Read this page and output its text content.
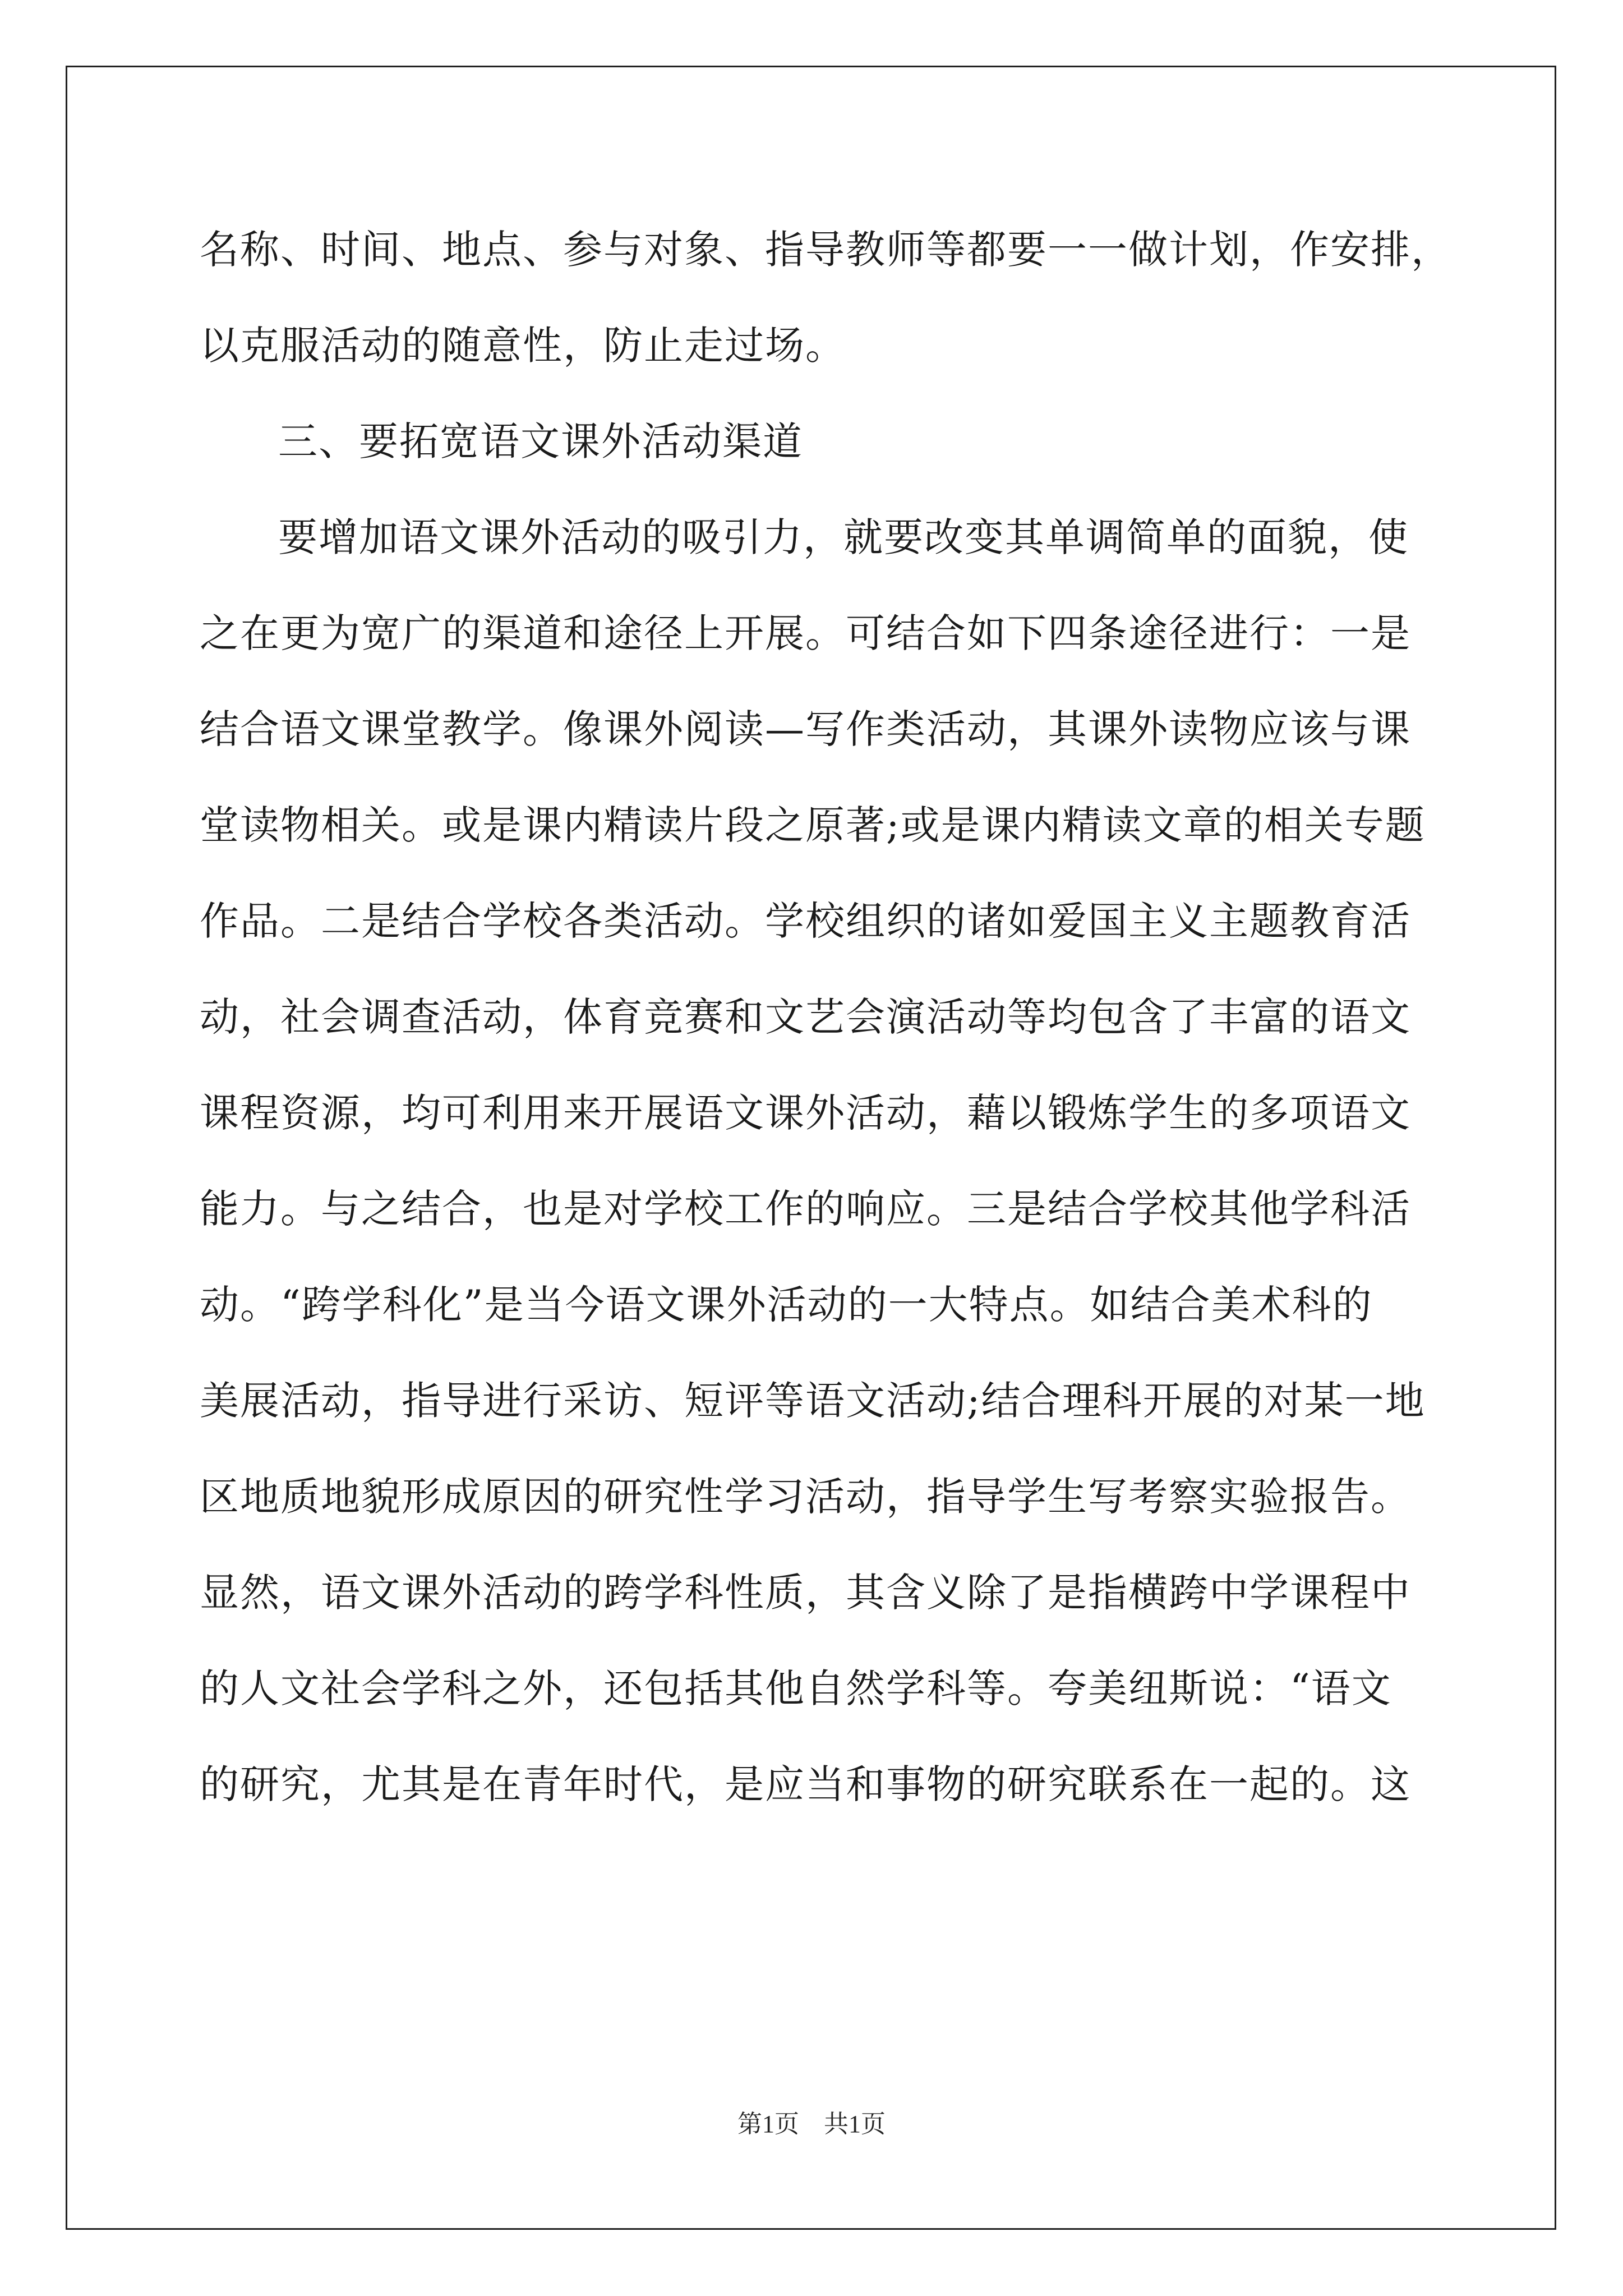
名称、时间、地点、参与对象、指导教师等都要一一做计划，作安排，
以克服活动的随意性，防止走过场。
三、要拓宽语文课外活动渠道
要增加语文课外活动的吸引力，就要改变其单调简单的面貌，使
之在更为宽广的渠道和途径上开展。可结合如下四条途径进行：一是
结合语文课堂教学。像课外阅读—写作类活动，其课外读物应该与课
堂读物相关。或是课内精读片段之原著;或是课内精读文章的相关专题
作品。二是结合学校各类活动。学校组织的诸如爱国主义主题教育活
动，社会调查活动，体育竞赛和文艺会演活动等均包含了丰富的语文
课程资源，均可利用来开展语文课外活动，藉以锻炼学生的多项语文
能力。与之结合，也是对学校工作的响应。三是结合学校其他学科活
动。“跨学科化”是当今语文课外活动的一大特点。如结合美术科的
美展活动，指导进行采访、短评等语文活动;结合理科开展的对某一地
区地质地貌形成原因的研究性学习活动，指导学生写考察实验报告。
显然，语文课外活动的跨学科性质，其含义除了是指横跨中学课程中
的人文社会学科之外，还包括其他自然学科等。夸美纽斯说：“语文
的研究，尤其是在青年时代，是应当和事物的研究联系在一起的。这
第1页　共1页
